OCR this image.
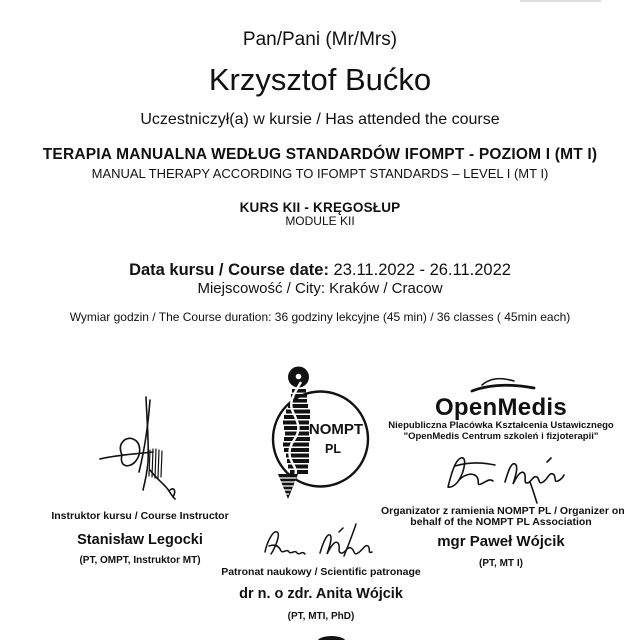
Pan/Pani (Mr/Mrs)
Krzysztof Bućko
Uczestniczył(a) w kursie / Has attended the course
TERAPIA MANUALNA WEDŁUG STANDARDÓW IFOMPT - POZIOM I (MT I)
MANUAL THERAPY ACCORDING TO IFOMPT STANDARDS – LEVEL I (MT I)
KURS KII - KRĘGOSŁUP
MODULE KII
Data kursu / Course date: 23.11.2022 - 26.11.2022
Miejscowość / City: Kraków / Cracow
Wymiar godzin / The Course duration: 36 godziny lekcyjne (45 min) / 36 classes ( 45min each)
Instruktor kursu / Course Instructor
Stanisław Legocki
(PT, OMPT, Instruktor MT)
NOMPT
PL
Patronat naukowy / Scientific patronage
dr n. o zdr. Anita Wójcik
(PT, MTI, PhD)
OpenMedis
Niepubliczna Placówka Kształcenia Ustawicznego
"OpenMedis Centrum szkoleń i fizjoterapii"
Organizator z ramienia NOMPT PL / Organizer on
behalf of the NOMPT PL Association
mgr Paweł Wójcik
(PT, MT I)
